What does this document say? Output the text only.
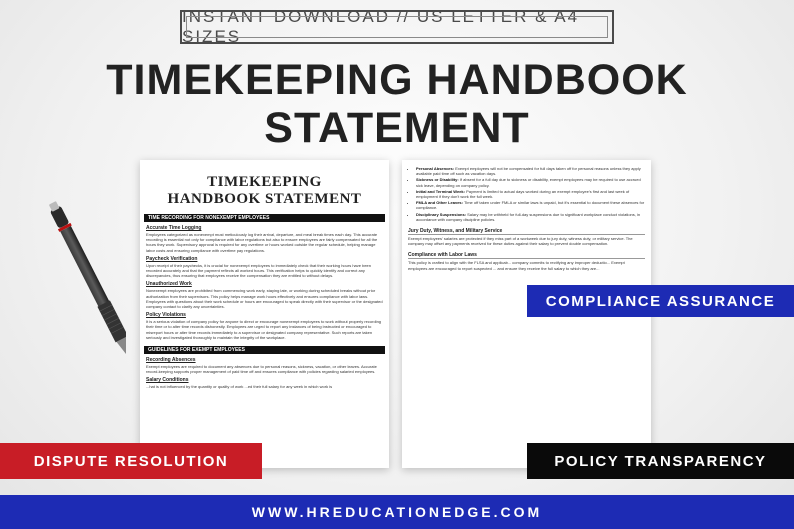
INSTANT DOWNLOAD // US LETTER & A4 SIZES
TIMEKEEPING HANDBOOK
STATEMENT
TIMEKEEPING
HANDBOOK STATEMENT
TIME RECORDING FOR NONEXEMPT EMPLOYEES
Accurate Time Logging
Employees categorized as nonexempt must meticulously log their arrival, departure, and meal break times each day. This accurate recording is essential not only for compliance with labor regulations but also to ensure employees are fairly compensated for all the hours they work. Supervisory approval is required for any overtime or hours worked outside the regular schedule, helping manage labor costs and ensuring compliance with overtime pay regulations.
Paycheck Verification
Upon receipt of their paychecks, it is crucial for nonexempt employees to immediately check that their working hours have been recorded accurately and that the payment reflects all worked hours. This verification helps to quickly identify and correct any discrepancies, thus ensuring that employees receive the compensation they are entitled to without delays.
Unauthorized Work
Nonexempt employees are prohibited from commencing work early, staying late, or working during scheduled breaks without prior authorization from their supervisors. This policy helps manage work hours effectively and ensures compliance with labor laws. Employees with questions about their work schedule or hours are encouraged to speak directly with their supervisor or the designated company contact to clarify any uncertainties.
Policy Violations
It is a serious violation of company policy for anyone to direct or encourage nonexempt employees to work without properly recording their time or to alter time records dishonestly. Employees are urged to report any instances of being instructed or encouraged to misreport hours or alter time records immediately to a supervisor or designated company representative. Such reports are taken seriously and investigated thoroughly to maintain the integrity of the workplace.
GUIDELINES FOR EXEMPT EMPLOYEES
Recording Absences
Exempt employees are required to document any absences due to personal reasons, sickness, vacation, or other leaves. Accurate record-keeping supports proper management of paid time off and ensures compliance with policies regarding salaried employees.
Salary Conditions
...hat is not influenced by the quantity or quality of work ...ed their full salary for any week in which work is
• Personal Absences: Exempt employees will not be compensated for full days taken off for personal reasons unless they apply available paid time off such as vacation days.
• Sickness or Disability: If absent for a full day due to sickness or disability, exempt employees may be required to use accrued sick leave, depending on company policy.
• Initial and Terminal Week: Payment is limited to actual days worked during an exempt employee's first and last week of employment if they don't work the full week.
• FMLA and Other Leaves: Time off taken under FMLA or similar laws is unpaid, but it's essential to document these absences for compliance.
• Disciplinary Suspensions: Salary may be withheld for full-day suspensions due to significant workplace conduct violations, in accordance with company discipline policies.
Jury Duty, Witness, and Military Service
Exempt employees' salaries are protected if they miss part of a workweek due to jury duty, witness duty, or military service. The company may offset any payments received for these duties against their salary to prevent double compensation.
Compliance with Labor Laws
This policy is crafted to align with the FLSA and applicab... company commits to rectifying any improper deductio... Exempt employees are encouraged to report suspected ... and ensure they receive the full salary to which they are...
COMPLIANCE ASSURANCE
DISPUTE RESOLUTION	POLICY TRANSPARENCY
WWW.HREDUCATIONEDGE.COM
